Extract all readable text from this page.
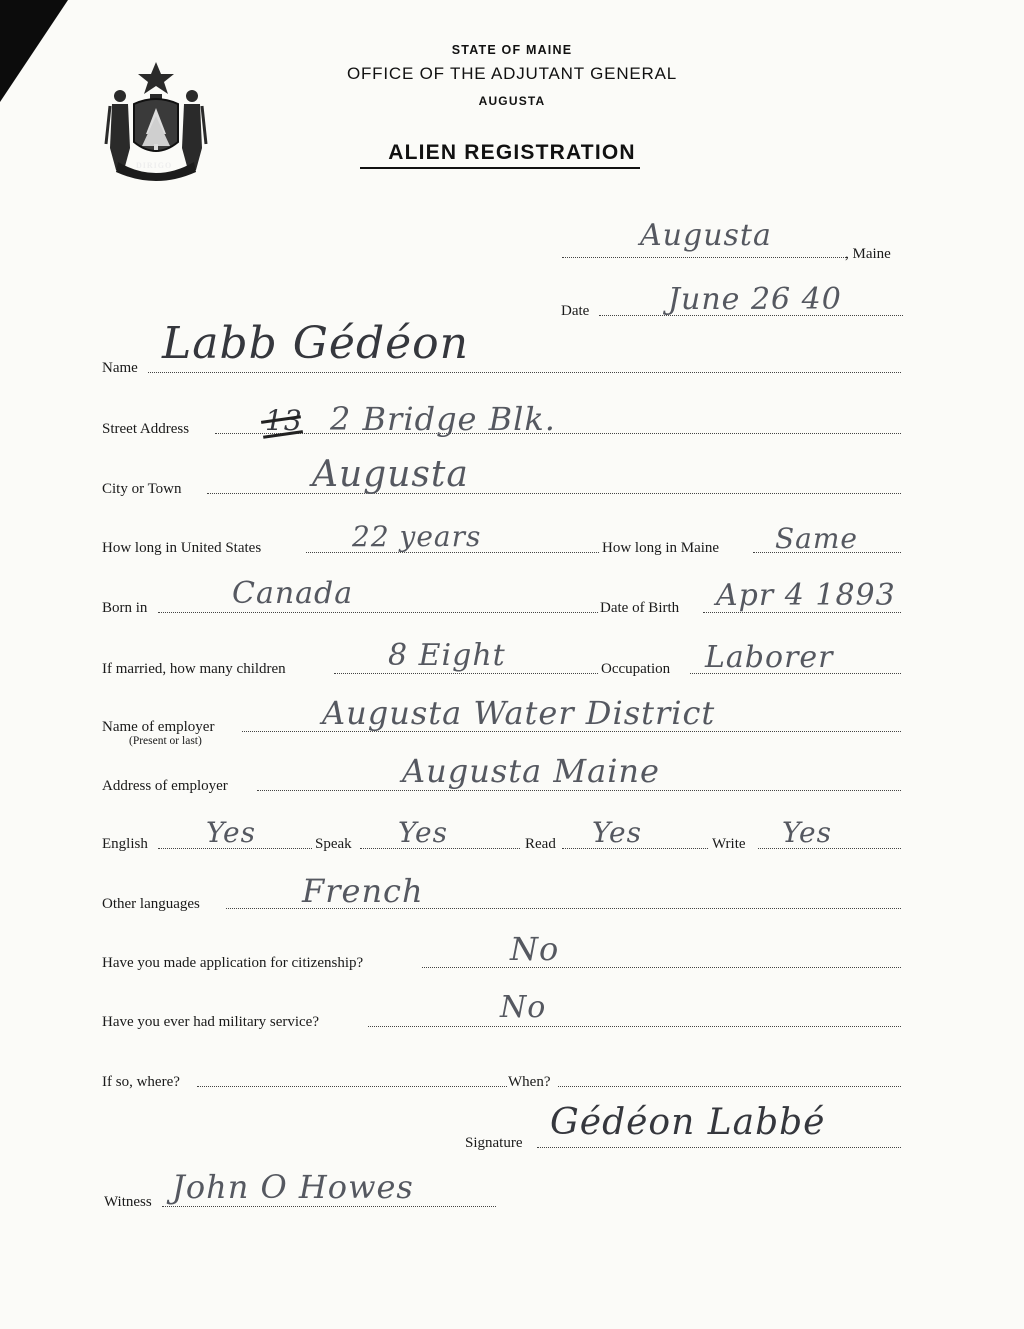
DIRIGO
STATE OF MAINE
OFFICE OF THE ADJUTANT GENERAL
AUGUSTA
ALIEN REGISTRATION
, Maine
Augusta
Date	June 26 40
Name Labb Gédéon
Street Address	13 2 Bridge Blk.
City or Town	Augusta
How long in United States	22 years	How long in Maine Same
Born in	Canada	Date of Birth Apr 4 1893
If married, how many children	8 Eight	Occupation Laborer
Name of employer
(Present or last)
Augusta Water District
Address of employer	Augusta Maine
English Yes	Speak Yes	Read Yes	Write Yes
Other languages	French
Have you made application for citizenship?	No
Have you ever had military service?	No
If so, where?	When?
Signature Gédéon Labbé
Witness John O Howes
